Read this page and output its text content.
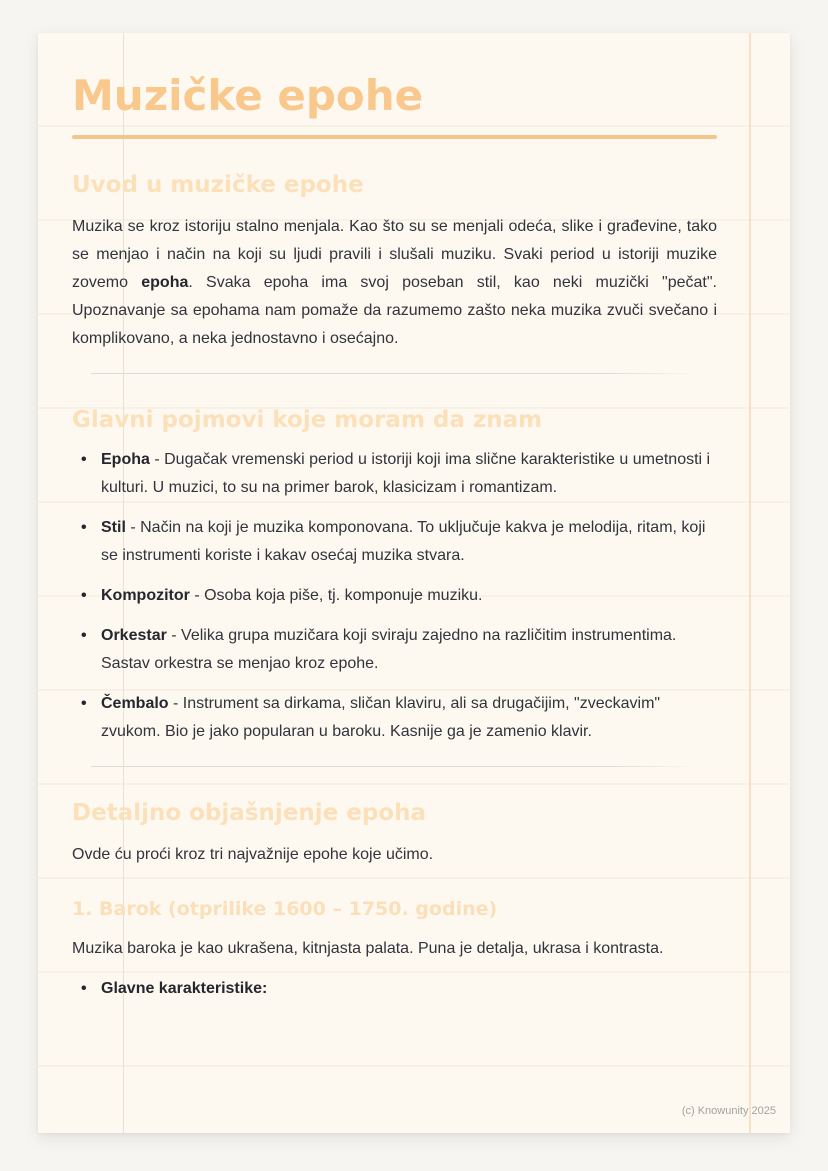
Muzičke epohe
Uvod u muzičke epohe

Muzika se kroz istoriju stalno menjala. Kao što su se menjali odeća, slike i građevine, tako se menjao i način na koji su ljudi pravili i slušali muziku. Svaki period u istoriji muzike zovemo epoha. Svaka epoha ima svoj poseban stil, kao neki muzički "pečat". Upoznavanje sa epohama nam pomaže da razumemo zašto neka muzika zvuči svečano i komplikovano, a neka jednostavno i osećajno.

Glavni pojmovi koje moram da znam
• Epoha - Dugačak vremenski period u istoriji koji ima slične karakteristike u umetnosti i kulturi. U muzici, to su na primer barok, klasicizam i romantizam.
• Stil - Način na koji je muzika komponovana. To uključuje kakva je melodija, ritam, koji se instrumenti koriste i kakav osećaj muzika stvara.
• Kompozitor - Osoba koja piše, tj. komponuje muziku.
• Orkestar - Velika grupa muzičara koji sviraju zajedno na različitim instrumentima. Sastav orkestra se menjao kroz epohe.
• Čembalo - Instrument sa dirkama, sličan klaviru, ali sa drugačijim, "zveckavim" zvukom. Bio je jako popularan u baroku. Kasnije ga je zamenio klavir.
Detaljno objašnjenje epoha

Ovde ću proći kroz tri najvažnije epohe koje učimo.

1. Barok (otprilike 1600 – 1750. godine)

Muzika baroka je kao ukrašena, kitnjasta palata. Puna je detalja, ukrasa i kontrasta.

• Glavne karakteristike:
(c) Knowunity 2025
